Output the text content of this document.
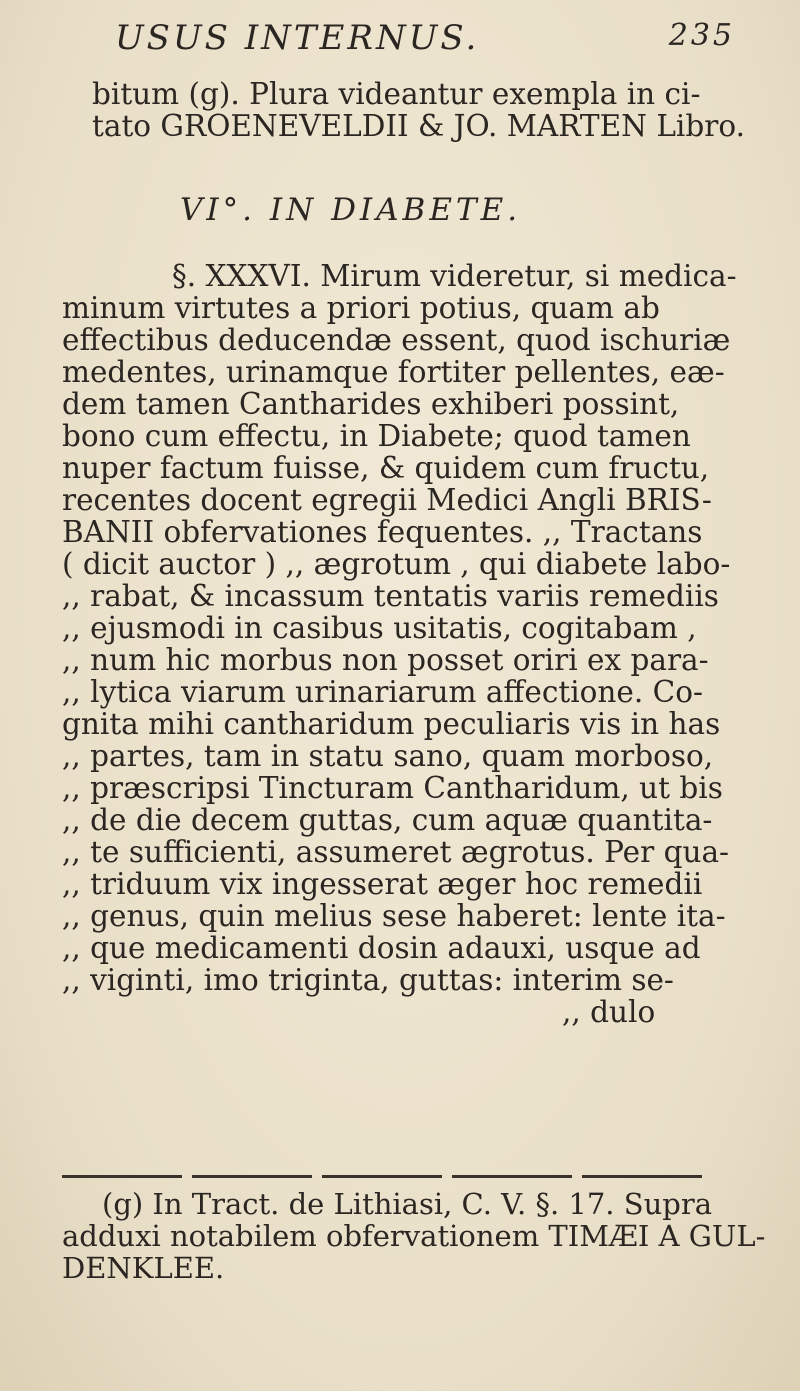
USUS INTERNUS.	235
bitum (g). Plura videantur exempla in ci-
tato GROENEVELDII & JO. MARTEN Libro.
VI°. IN DIABETE.
§. XXXVI. Mirum videretur, si medica-
minum virtutes a priori potius, quam ab
effectibus deducendæ essent, quod ischuriæ
medentes, urinamque fortiter pellentes, eæ-
dem tamen Cantharides exhiberi possint,
bono cum effectu, in Diabete; quod tamen
nuper factum fuisse, & quidem cum fructu,
recentes docent egregii Medici Angli BRIS-
BANII obfervationes fequentes. ,, Tractans
( dicit auctor ) ,, ægrotum , qui diabete labo-
,, rabat, & incassum tentatis variis remediis
,, ejusmodi in casibus usitatis, cogitabam ,
,, num hic morbus non posset oriri ex para-
,, lytica viarum urinariarum affectione. Co-
gnita mihi cantharidum peculiaris vis in has
,, partes, tam in statu sano, quam morboso,
,, præscripsi Tincturam Cantharidum, ut bis
,, de die decem guttas, cum aquæ quantita-
,, te sufficienti, assumeret ægrotus. Per qua-
,, triduum vix ingesserat æger hoc remedii
,, genus, quin melius sese haberet: lente ita-
,, que medicamenti dosin adauxi, usque ad
,, viginti, imo triginta, guttas: interim se-
,, dulo
(g) In Tract. de Lithiasi, C. V. §. 17. Supra
adduxi notabilem obfervationem TIMÆI A GUL-
DENKLEE.
